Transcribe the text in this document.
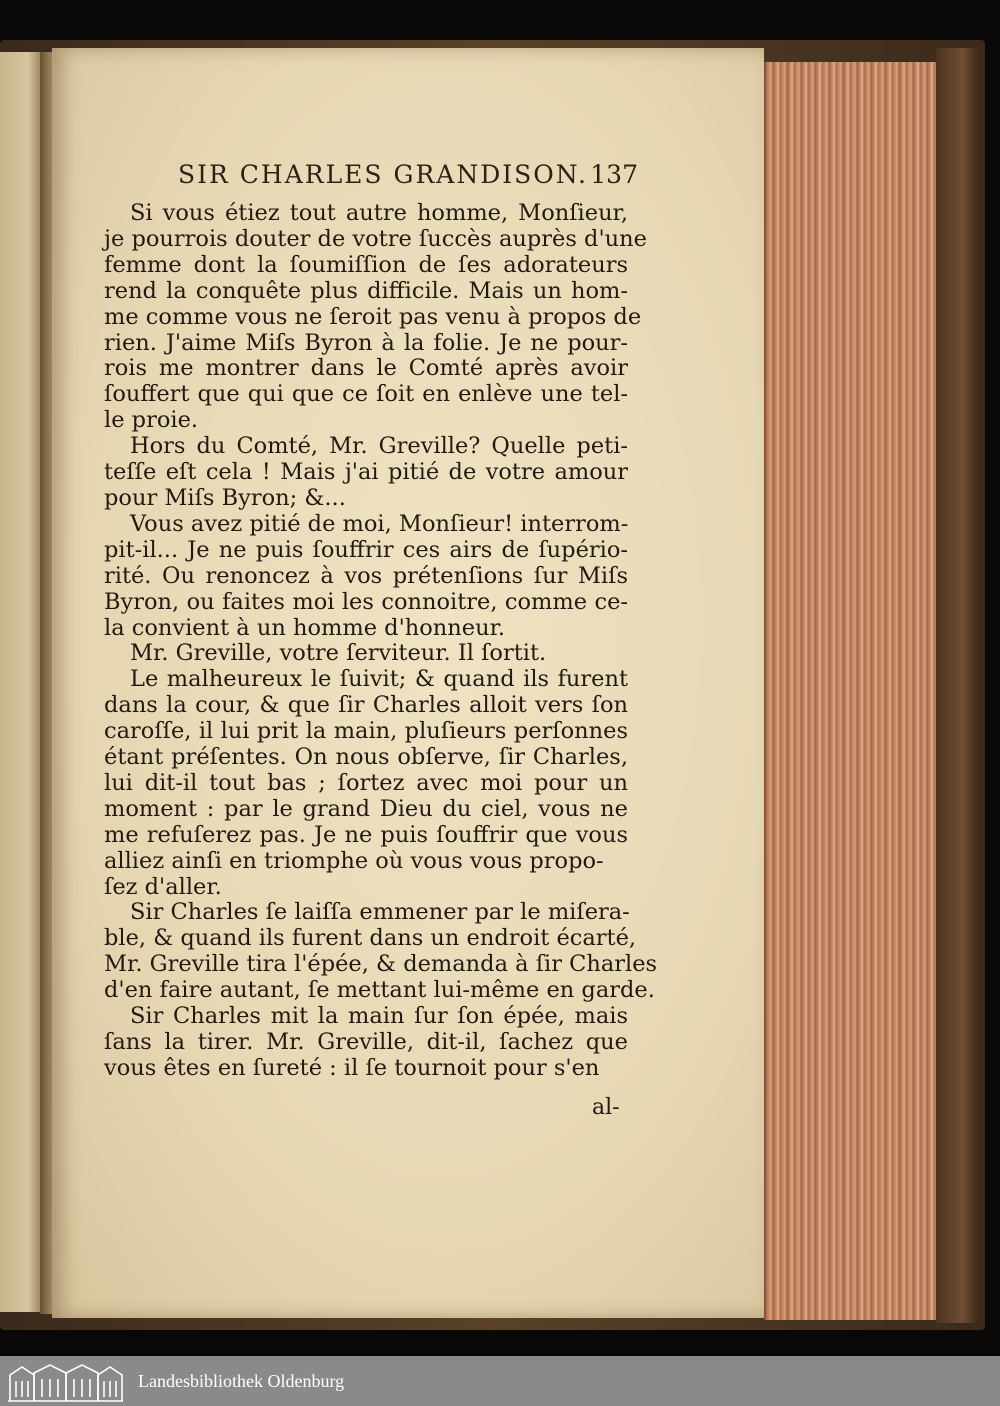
SIR CHARLES GRANDISON. 137
Si vous étiez tout autre homme, Monſieur,
je pourrois douter de votre ſuccès auprès d'une
femme dont la ſoumiſſion de ſes adorateurs
rend la conquête plus difficile. Mais un hom-
me comme vous ne ſeroit pas venu à propos de
rien. J'aime Miſs Byron à la folie. Je ne pour-
rois me montrer dans le Comté après avoir
ſouffert que qui que ce ſoit en enlève une tel-
le proie.
Hors du Comté, Mr. Greville? Quelle peti-
teſſe eſt cela ! Mais j'ai pitié de votre amour
pour Miſs Byron; &...
Vous avez pitié de moi, Monſieur! interrom-
pit-il... Je ne puis ſouffrir ces airs de ſupério-
rité. Ou renoncez à vos prétenſions ſur Miſs
Byron, ou faites moi les connoitre, comme ce-
la convient à un homme d'honneur.
Mr. Greville, votre ſerviteur. Il ſortit.
Le malheureux le ſuivit; & quand ils furent
dans la cour, & que ſir Charles alloit vers ſon
caroſſe, il lui prit la main, pluſieurs perſonnes
étant préſentes. On nous obſerve, ſir Charles,
lui dit-il tout bas ; ſortez avec moi pour un
moment : par le grand Dieu du ciel, vous ne
me refuſerez pas. Je ne puis ſouffrir que vous
alliez ainſi en triomphe où vous vous propo-
ſez d'aller.
Sir Charles ſe laiſſa emmener par le miſera-
ble, & quand ils furent dans un endroit écarté,
Mr. Greville tira l'épée, & demanda à ſir Charles
d'en faire autant, ſe mettant lui-même en garde.
Sir Charles mit la main ſur ſon épée, mais
ſans la tirer. Mr. Greville, dit-il, ſachez que
vous êtes en ſureté : il ſe tournoit pour s'en
al-
Landesbibliothek Oldenburg
